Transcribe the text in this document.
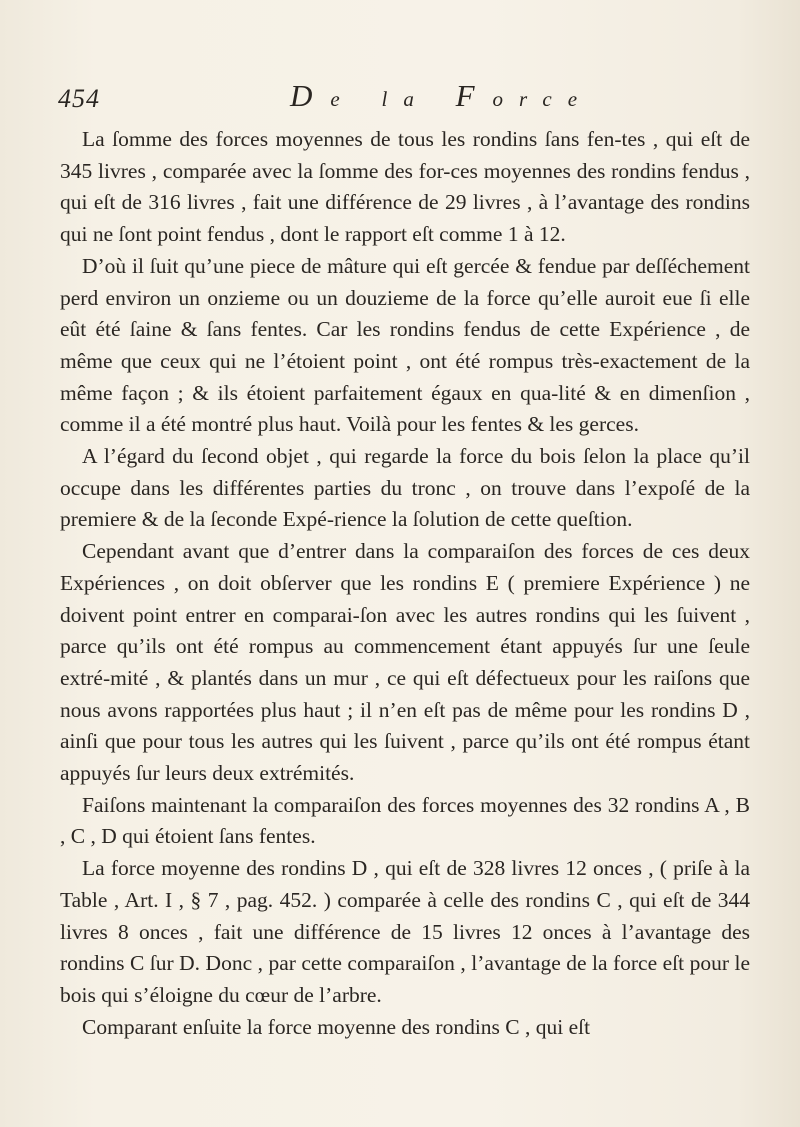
454	De la Force

La ſomme des forces moyennes de tous les rondins ſans fen-tes , qui eſt de 345 livres , comparée avec la ſomme des for-ces moyennes des rondins fendus , qui eſt de 316 livres , fait une différence de 29 livres , à l’avantage des rondins qui ne ſont point fendus , dont le rapport eſt comme 1 à 12.

D’où il ſuit qu’une piece de mâture qui eſt gercée & fendue par deſſéchement perd environ un onzieme ou un douzieme de la force qu’elle auroit eue ſi elle eût été ſaine & ſans fentes. Car les rondins fendus de cette Expérience , de même que ceux qui ne l’étoient point , ont été rompus très-exactement de la même façon ; & ils étoient parfaitement égaux en qua-lité & en dimenſion , comme il a été montré plus haut. Voilà pour les fentes & les gerces.

A l’égard du ſecond objet , qui regarde la force du bois ſelon la place qu’il occupe dans les différentes parties du tronc , on trouve dans l’expoſé de la premiere & de la ſeconde Expé-rience la ſolution de cette queſtion.

Cependant avant que d’entrer dans la comparaiſon des forces de ces deux Expériences , on doit obſerver que les rondins E ( premiere Expérience ) ne doivent point entrer en comparai-ſon avec les autres rondins qui les ſuivent , parce qu’ils ont été rompus au commencement étant appuyés ſur une ſeule extré-mité , & plantés dans un mur , ce qui eſt défectueux pour les raiſons que nous avons rapportées plus haut ; il n’en eſt pas de même pour les rondins D , ainſi que pour tous les autres qui les ſuivent , parce qu’ils ont été rompus étant appuyés ſur leurs deux extrémités.

Faiſons maintenant la comparaiſon des forces moyennes des 32 rondins A , B , C , D qui étoient ſans fentes.

La force moyenne des rondins D , qui eſt de 328 livres 12 onces , ( priſe à la Table , Art. I , § 7 , pag. 452. ) comparée à celle des rondins C , qui eſt de 344 livres 8 onces , fait une différence de 15 livres 12 onces à l’avantage des rondins C ſur D. Donc , par cette comparaiſon , l’avantage de la force eſt pour le bois qui s’éloigne du cœur de l’arbre.

Comparant enſuite la force moyenne des rondins C , qui eſt
